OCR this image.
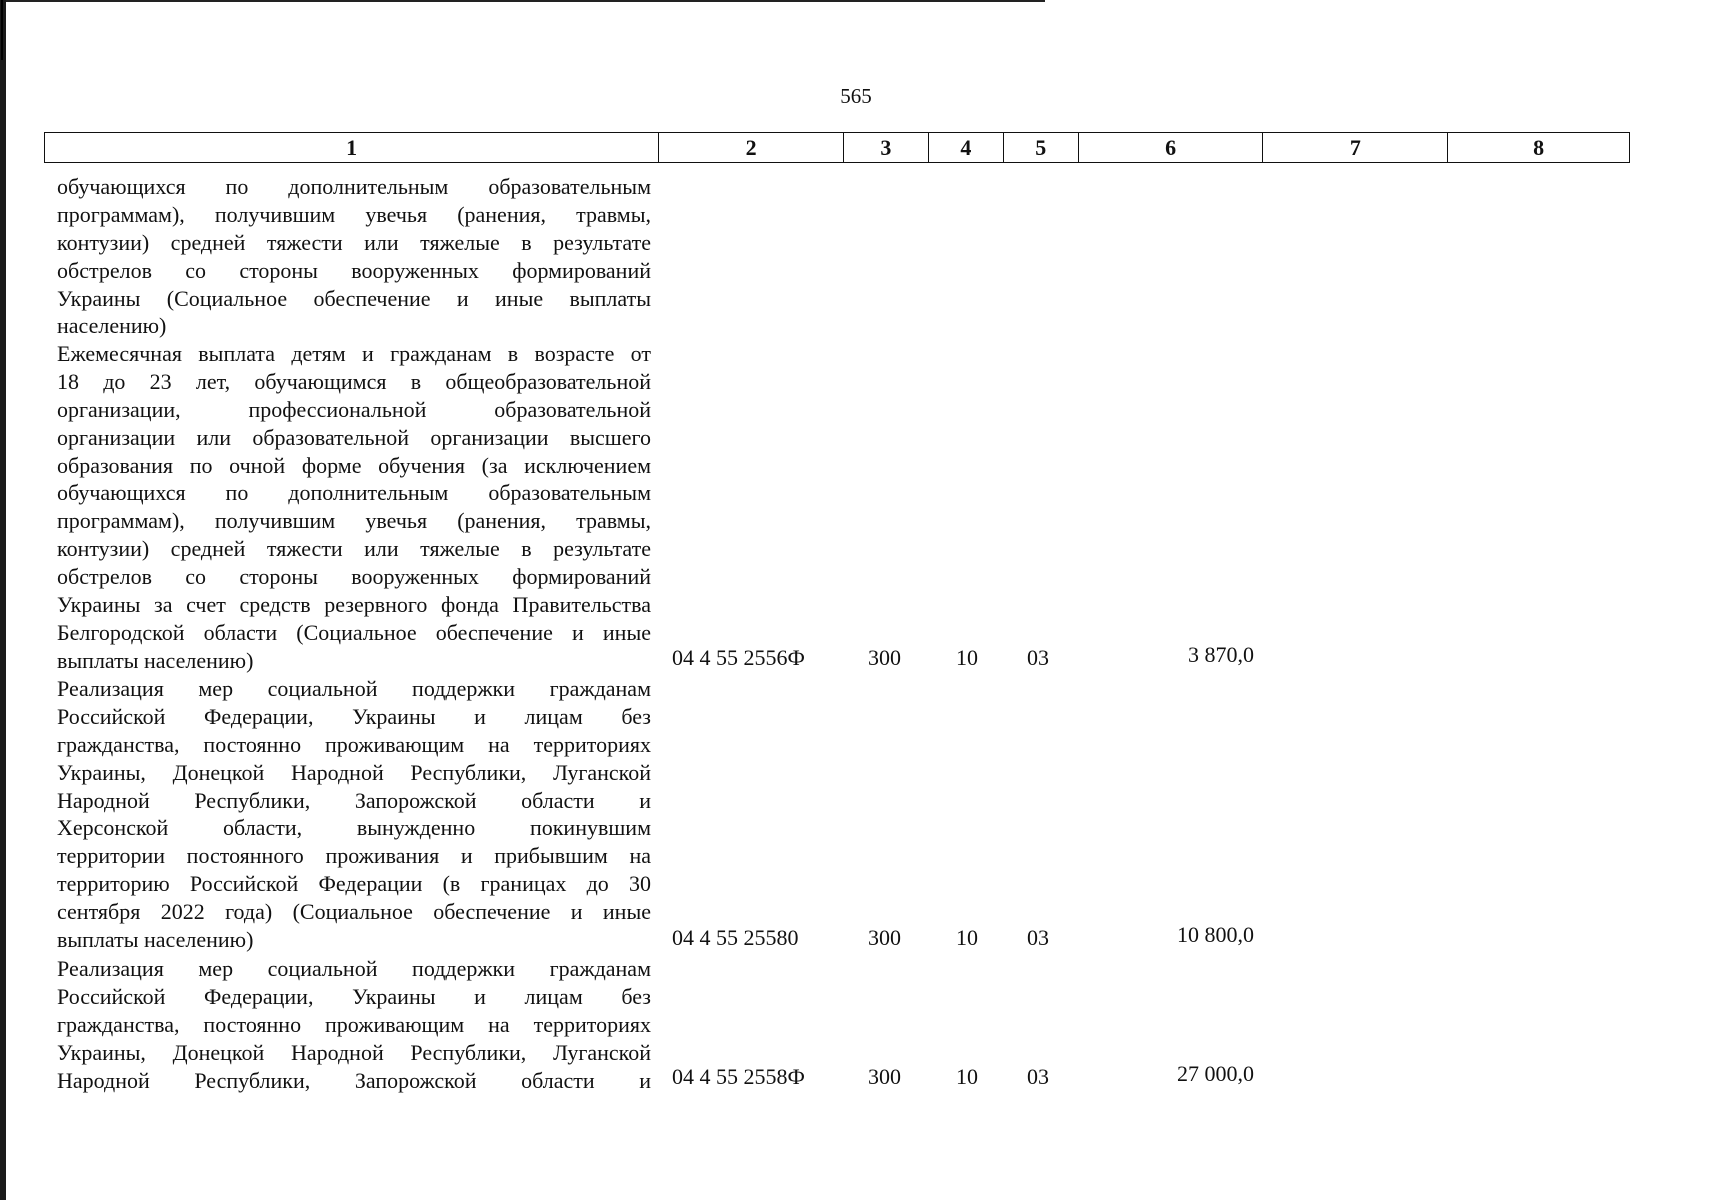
565
1	2	3	4	5	6	7	8
обучающихся по дополнительным образовательным
программам), получившим увечья (ранения, травмы,
контузии) средней тяжести или тяжелые в результате
обстрелов со стороны вооруженных формирований
Украины (Социальное обеспечение и иные выплаты
населению)
Ежемесячная выплата детям и гражданам в возрасте от
18 до 23 лет, обучающимся в общеобразовательной
организации, профессиональной образовательной
организации или образовательной организации высшего
образования по очной форме обучения (за исключением
обучающихся по дополнительным образовательным
программам), получившим увечья (ранения, травмы,
контузии) средней тяжести или тяжелые в результате
обстрелов со стороны вооруженных формирований
Украины за счет средств резервного фонда Правительства
Белгородской области (Социальное обеспечение и иные
выплаты населению)	04 4 55 2556Ф	300	10 03	3 870,0
Реализация мер социальной поддержки гражданам
Российской Федерации, Украины и лицам без
гражданства, постоянно проживающим на территориях
Украины, Донецкой Народной Республики, Луганской
Народной Республики, Запорожской области и
Херсонской области, вынужденно покинувшим
территории постоянного проживания и прибывшим на
территорию Российской Федерации (в границах до 30
сентября 2022 года) (Социальное обеспечение и иные
выплаты населению)	04 4 55 25580	300	10 03	10 800,0
Реализация мер социальной поддержки гражданам
Российской Федерации, Украины и лицам без
гражданства, постоянно проживающим на территориях
Украины, Донецкой Народной Республики, Луганской
Народной Республики, Запорожской области и 04 4 55 2558Ф	300	10 03	27 000,0
